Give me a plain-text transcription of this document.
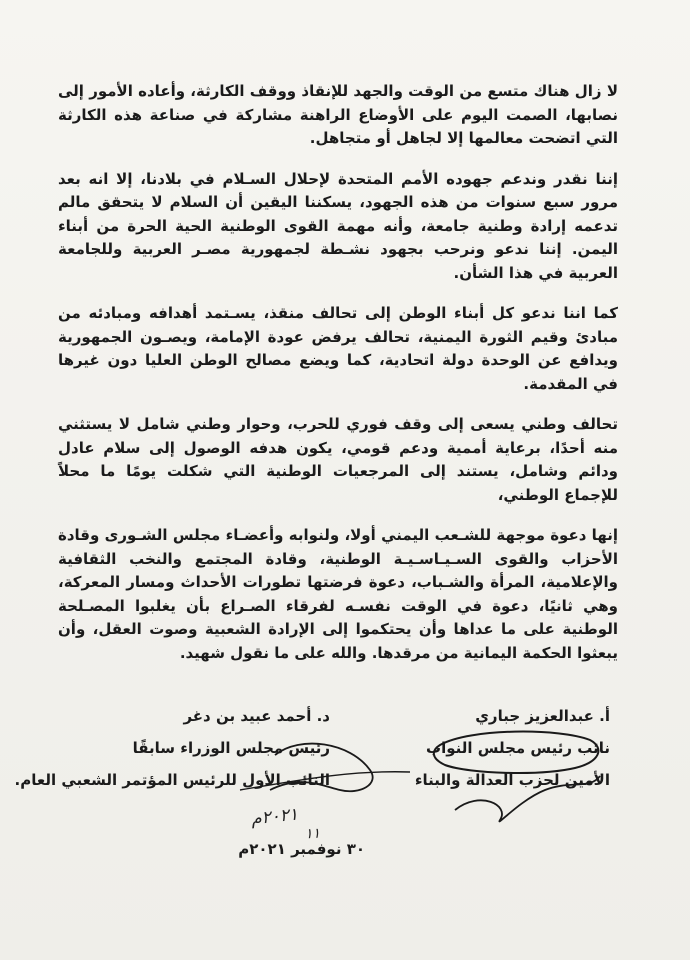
لا زال هناك متسع من الوقت والجهد للإنقاذ ووقف الكارثة، وأعاده الأمور إلى نصابها، الصمت اليوم على الأوضاع الراهنة مشاركة في صناعة هذه الكارثة التي اتضحت معالمها إلا لجاهل أو متجاهل.

إننا نقدر وندعم جهوده الأمم المتحدة لإحلال السـلام في بلادنا، إلا انه بعد مرور سبع سنوات من هذه الجهود، يسكننا اليقين أن السلام لا يتحقق مالم تدعمه إرادة وطنية جامعة، وأنه مهمة القوى الوطنية الحية الحرة من أبناء اليمن. إننا ندعو ونرحب بجهود نشـطة لجمهورية مصـر العربية وللجامعة العربية في هذا الشأن.

كما اننا ندعو كل أبناء الوطن إلى تحالف منقذ، يسـتمد أهدافه ومبادئه من مبادئ وقيم الثورة اليمنية، تحالف يرفض عودة الإمامة، ويصـون الجمهورية ويدافع عن الوحدة دولة اتحادية، كما ويضع مصالح الوطن العليا دون غيرها في المقدمة.

تحالف وطني يسعى إلى وقف فوري للحرب، وحوار وطني شامل لا يستثني منه أحدًا، برعاية أممية ودعم قومي، يكون هدفه الوصول إلى سلام عادل ودائم وشامل، يستند إلى المرجعيات الوطنية التي شكلت يومًا ما محلاً للإجماع الوطني،

إنها دعوة موجهة للشـعب اليمني أولا، ولنوابه وأعضـاء مجلس الشـورى وقادة الأحزاب والقوى السـيـاسـيـة الوطنية، وقادة المجتمع والنخب الثقافية والإعلامية، المرأة والشـباب، دعوة فرضتها تطورات الأحداث ومسار المعركة، وهي ثانيًا، دعوة في الوقت نفسـه لفرقاء الصـراع بأن يغلبوا المصـلحة الوطنية على ما عداها وأن يحتكموا إلى الإرادة الشعبية وصوت العقل، وأن يبعثوا الحكمة اليمانية من مرقدها. والله على ما نقول شهيد.

أ. عبدالعزيز جباري
نائب رئيس مجلس النواب
الأمين لحزب العدالة والبناء
د. أحمد عبيد بن دغر
رئيس مجلس الوزراء سابقًا
النائب الأول للرئيس المؤتمر الشعبي العام.
٢٠٢١م
١١
٣٠ نوفمبر ٢٠٢١م
